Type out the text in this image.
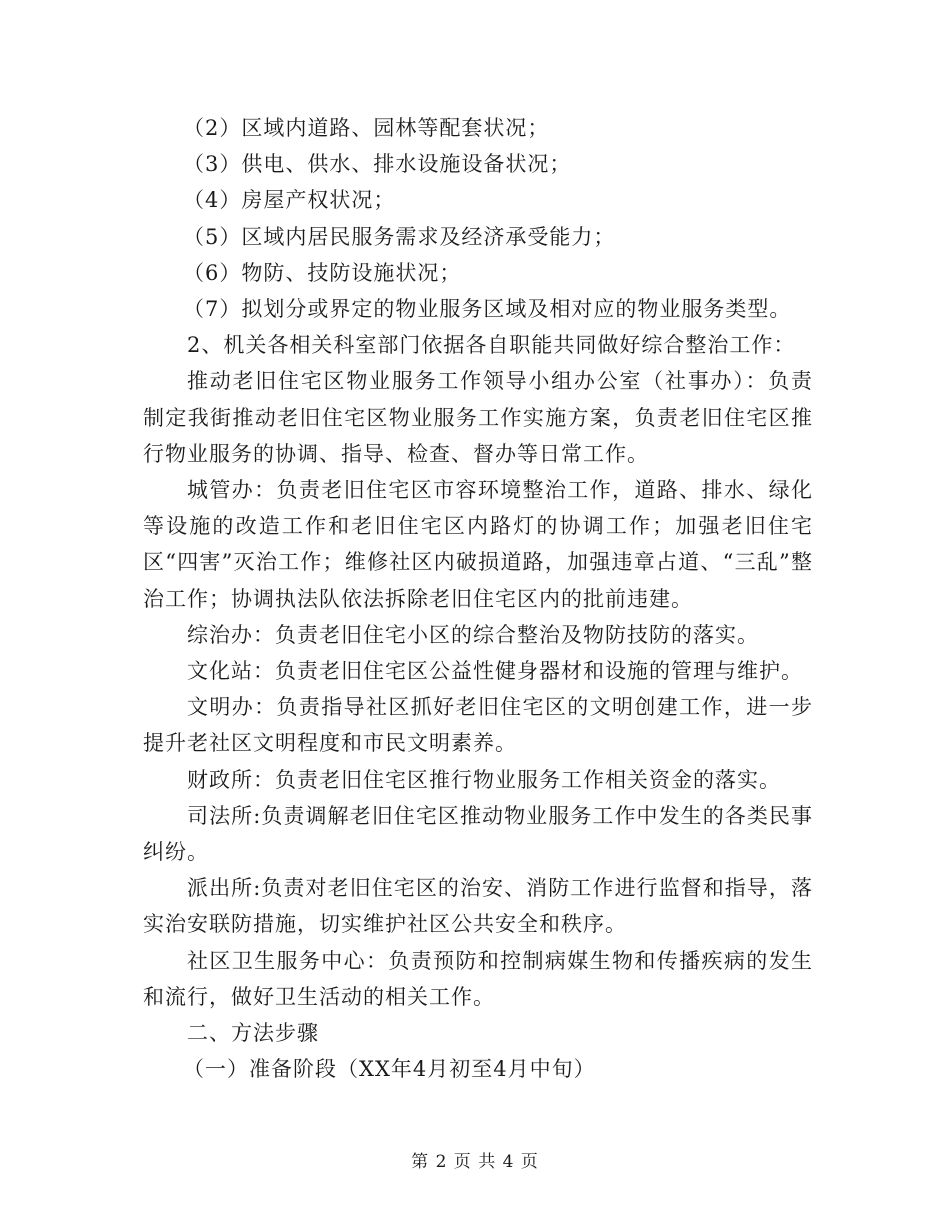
（2）区域内道路、园林等配套状况；

（3）供电、供水、排水设施设备状况；

（4）房屋产权状况；

（5）区域内居民服务需求及经济承受能力；

（6）物防、技防设施状况；

（7）拟划分或界定的物业服务区域及相对应的物业服务类型。

2、机关各相关科室部门依据各自职能共同做好综合整治工作：

推动老旧住宅区物业服务工作领导小组办公室（社事办）：负责制定我街推动老旧住宅区物业服务工作实施方案，负责老旧住宅区推行物业服务的协调、指导、检查、督办等日常工作。

城管办：负责老旧住宅区市容环境整治工作，道路、排水、绿化等设施的改造工作和老旧住宅区内路灯的协调工作；加强老旧住宅区“四害”灭治工作；维修社区内破损道路，加强违章占道、“三乱”整治工作；协调执法队依法拆除老旧住宅区内的批前违建。

综治办：负责老旧住宅小区的综合整治及物防技防的落实。

文化站：负责老旧住宅区公益性健身器材和设施的管理与维护。

文明办：负责指导社区抓好老旧住宅区的文明创建工作，进一步提升老社区文明程度和市民文明素养。

财政所：负责老旧住宅区推行物业服务工作相关资金的落实。

司法所:负责调解老旧住宅区推动物业服务工作中发生的各类民事纠纷。

派出所:负责对老旧住宅区的治安、消防工作进行监督和指导，落实治安联防措施，切实维护社区公共安全和秩序。

社区卫生服务中心：负责预防和控制病媒生物和传播疾病的发生和流行，做好卫生活动的相关工作。

二、方法步骤

（一）准备阶段（XX年4月初至4月中旬）

第 2 页 共 4 页
